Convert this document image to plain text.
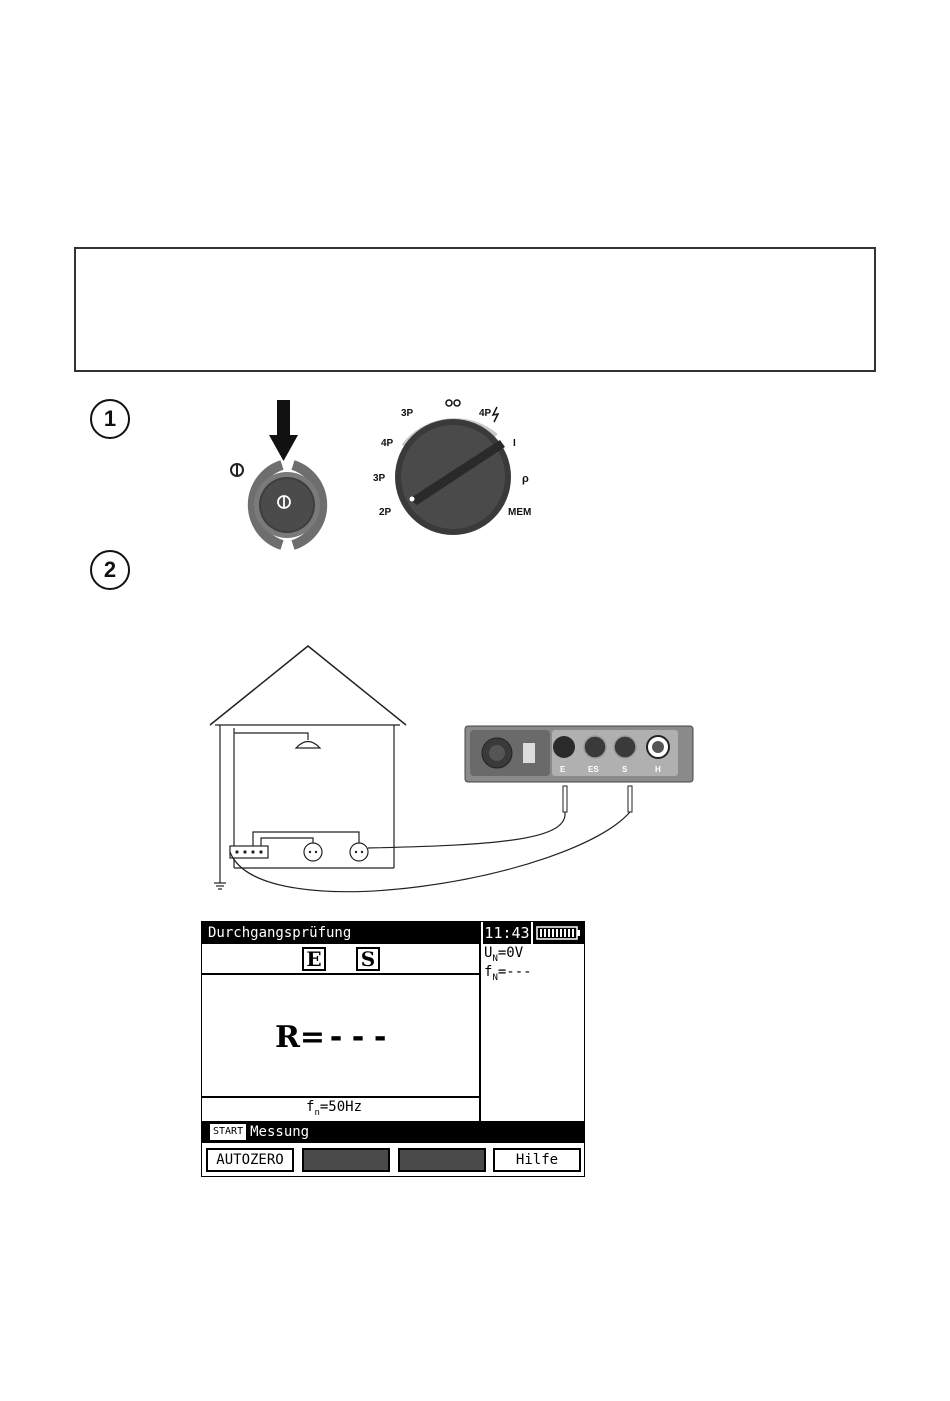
1
2
3P
4P
4P
I
ρ
MEM
2P
3P
E	ES	S	H
Durchgangsprüfung	11:43
$U_N=0V$
$f_N=---$
E S
R= ---
$f_n=50Hz$
START Messung
AUTOZERO	Hilfe
